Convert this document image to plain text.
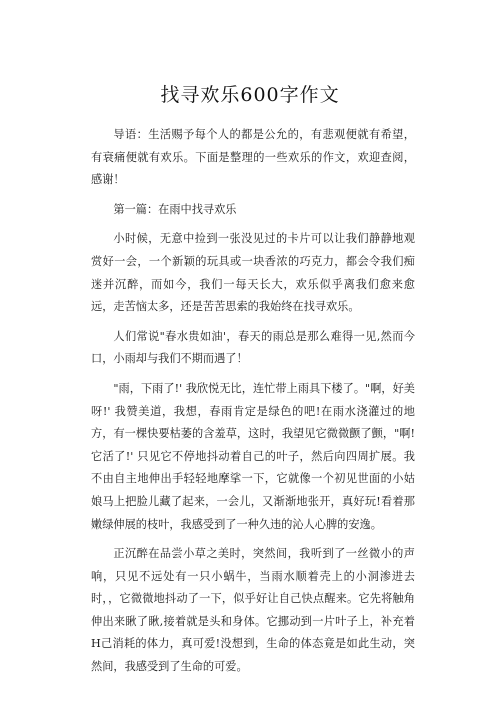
找寻欢乐600字作文

导语：生活赐予每个人的都是公允的，有悲观便就有希望，有衰痛便就有欢乐。下面是整理的一些欢乐的作文，欢迎查阅，感谢！

第一篇：在雨中找寻欢乐

小时候，无意中捡到一张没见过的卡片可以让我们静静地观赏好一会，一个新颖的玩具或一块香浓的巧克力，都会令我们痴迷并沉醉，而如今，我们一每天长大，欢乐似乎离我们愈来愈远，走苦恼太多，还是苦苦思索的我始终在找寻欢乐。

人们常说"春水贵如油'，春天的雨总是那么难得一见,然而今口，小雨却与我们不期而遇了！

"雨，下雨了!' 我欣悦无比，连忙带上雨具下楼了。"啊，好美呀!' 我赞美道，我想，春雨肯定是绿色的吧!在雨水浇灌过的地方，有一棵快要枯萎的含羞草，这时，我望见它微微颤了颤，"啊!它活了!' 只见它不停地抖动着自己的叶子，然后向四周扩展。我不由自主地伸出手轻轻地摩挲一下，它就像一个初见世面的小姑娘马上把脸儿藏了起来，一会儿，又渐渐地张开，真好玩!看着那嫩绿伸展的枝叶，我感受到了一种久违的沁人心脾的安逸。

正沉醉在品尝小草之美时，突然间，我听到了一丝微小的声响，只见不远处有一只小蜗牛，当雨水顺着壳上的小洞渗进去时，，它微微地抖动了一下，似乎好让自己快点醒来。它先将触角伸出来瞅了瞅,接着就是头和身体。它挪动到一片叶子上，补充着H己消耗的体力，真可爱!没想到，生命的体态竟是如此生动，突然间，我感受到了生命的可爱。
